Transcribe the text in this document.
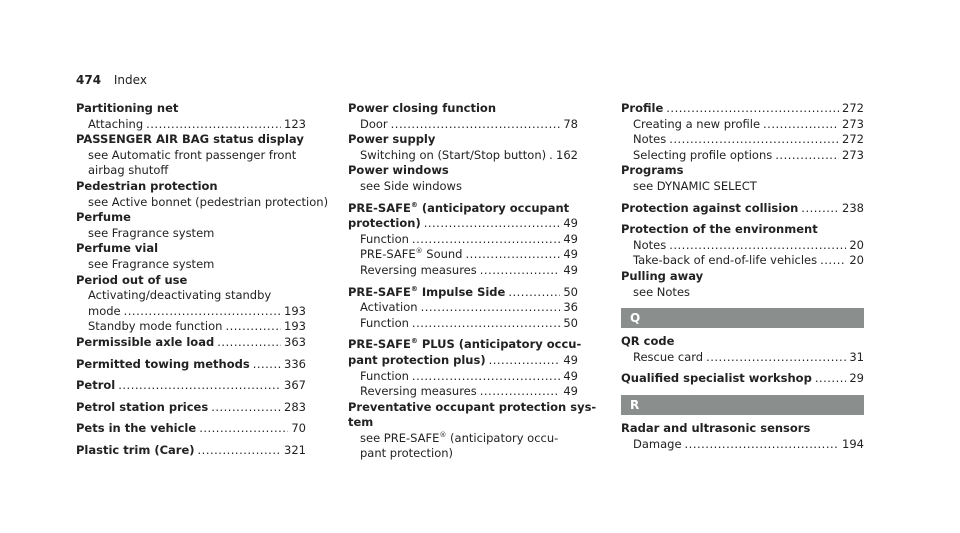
474 Index
Partitioning net
Attaching .....	123
PASSENGER AIR BAG status display
see Automatic front passenger front
airbag shutoff
Pedestrian protection
see Active bonnet (pedestrian protection)
Perfume
see Fragrance system
Perfume vial
see Fragrance system
Period out of use
Activating/deactivating standby
mode .....	193
Standby mode function .....	193
Permissible axle load .....	363
Permitted towing methods .....	336
Petrol .....	367
Petrol station prices .....	283
Pets in the vehicle .....	70
Plastic trim (Care) .....	321
Power closing function
Door .....	78
Power supply
Switching on (Start/Stop button) ..... 162
Power windows
see Side windows
PRE-SAFE® (anticipatory occupant
protection) .....	49
Function .....	49
PRE-SAFE® Sound .....	49
Reversing measures .....	49
PRE-SAFE® Impulse Side .....	50
Activation .....	36
Function .....	50
PRE-SAFE® PLUS (anticipatory occu-
pant protection plus) .....	49
Function .....	49
Reversing measures .....	49
Preventative occupant protection sys-
tem
see PRE-SAFE® (anticipatory occu-
pant protection)
Profile .....	272
Creating a new profile .....	273
Notes .....	272
Selecting profile options .....	273
Programs
see DYNAMIC SELECT
Protection against collision .....	238
Protection of the environment
Notes .....	20
Take-back of end-of-life vehicles .....	20
Pulling away
see Notes
Q
QR code
Rescue card .....	31
Qualified specialist workshop .....	29
R
Radar and ultrasonic sensors
Damage .....	194
